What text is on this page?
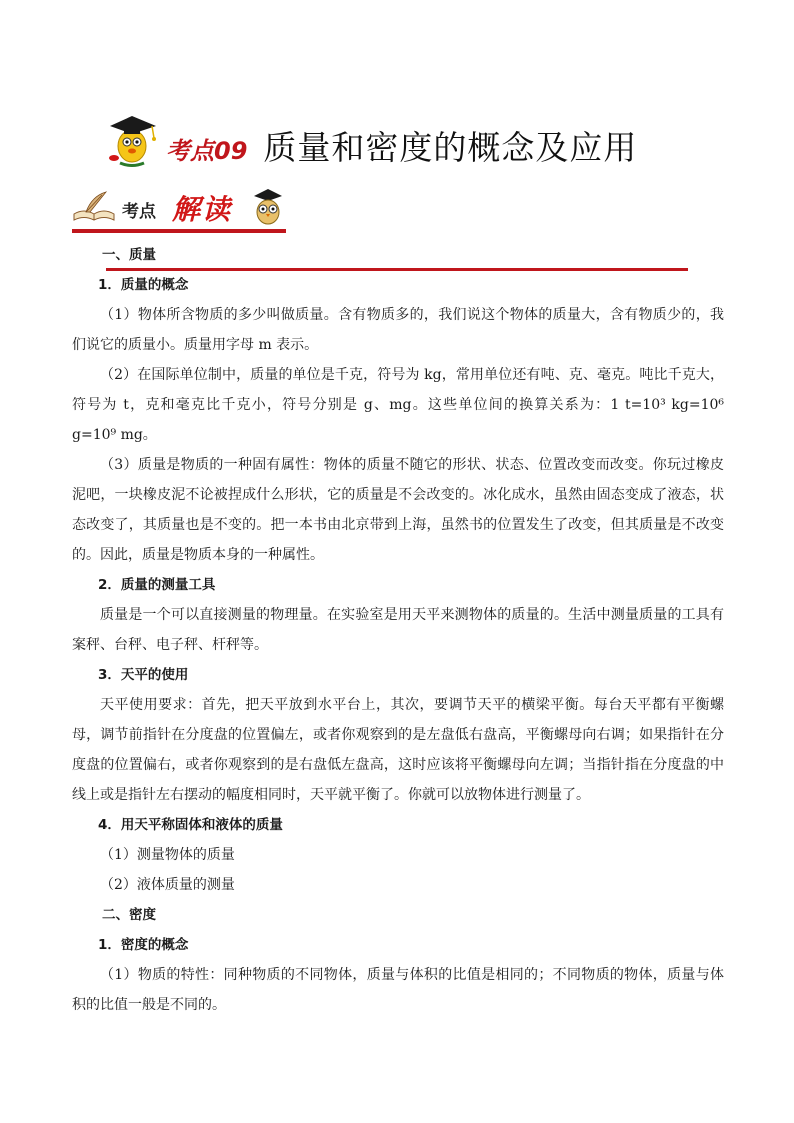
考点09 质量和密度的概念及应用
考点 解读

一、质量

1．质量的概念

（1）物体所含物质的多少叫做质量。含有物质多的，我们说这个物体的质量大，含有物质少的，我们说它的质量小。质量用字母 m 表示。

（2）在国际单位制中，质量的单位是千克，符号为 kg，常用单位还有吨、克、毫克。吨比千克大，符号为 t，克和毫克比千克小，符号分别是 g、mg。这些单位间的换算关系为：1 t=10³ kg=10⁶ g=10⁹ mg。

（3）质量是物质的一种固有属性：物体的质量不随它的形状、状态、位置改变而改变。你玩过橡皮泥吧，一块橡皮泥不论被捏成什么形状，它的质量是不会改变的。冰化成水，虽然由固态变成了液态，状态改变了，其质量也是不变的。把一本书由北京带到上海，虽然书的位置发生了改变，但其质量是不改变的。因此，质量是物质本身的一种属性。

2．质量的测量工具

质量是一个可以直接测量的物理量。在实验室是用天平来测物体的质量的。生活中测量质量的工具有案秤、台秤、电子秤、杆秤等。

3．天平的使用

天平使用要求：首先，把天平放到水平台上，其次，要调节天平的横梁平衡。每台天平都有平衡螺母，调节前指针在分度盘的位置偏左，或者你观察到的是左盘低右盘高，平衡螺母向右调；如果指针在分度盘的位置偏右，或者你观察到的是右盘低左盘高，这时应该将平衡螺母向左调；当指针指在分度盘的中线上或是指针左右摆动的幅度相同时，天平就平衡了。你就可以放物体进行测量了。

4．用天平称固体和液体的质量

（1）测量物体的质量

（2）液体质量的测量

二、密度

1．密度的概念

（1）物质的特性：同种物质的不同物体，质量与体积的比值是相同的；不同物质的物体，质量与体积的比值一般是不同的。
